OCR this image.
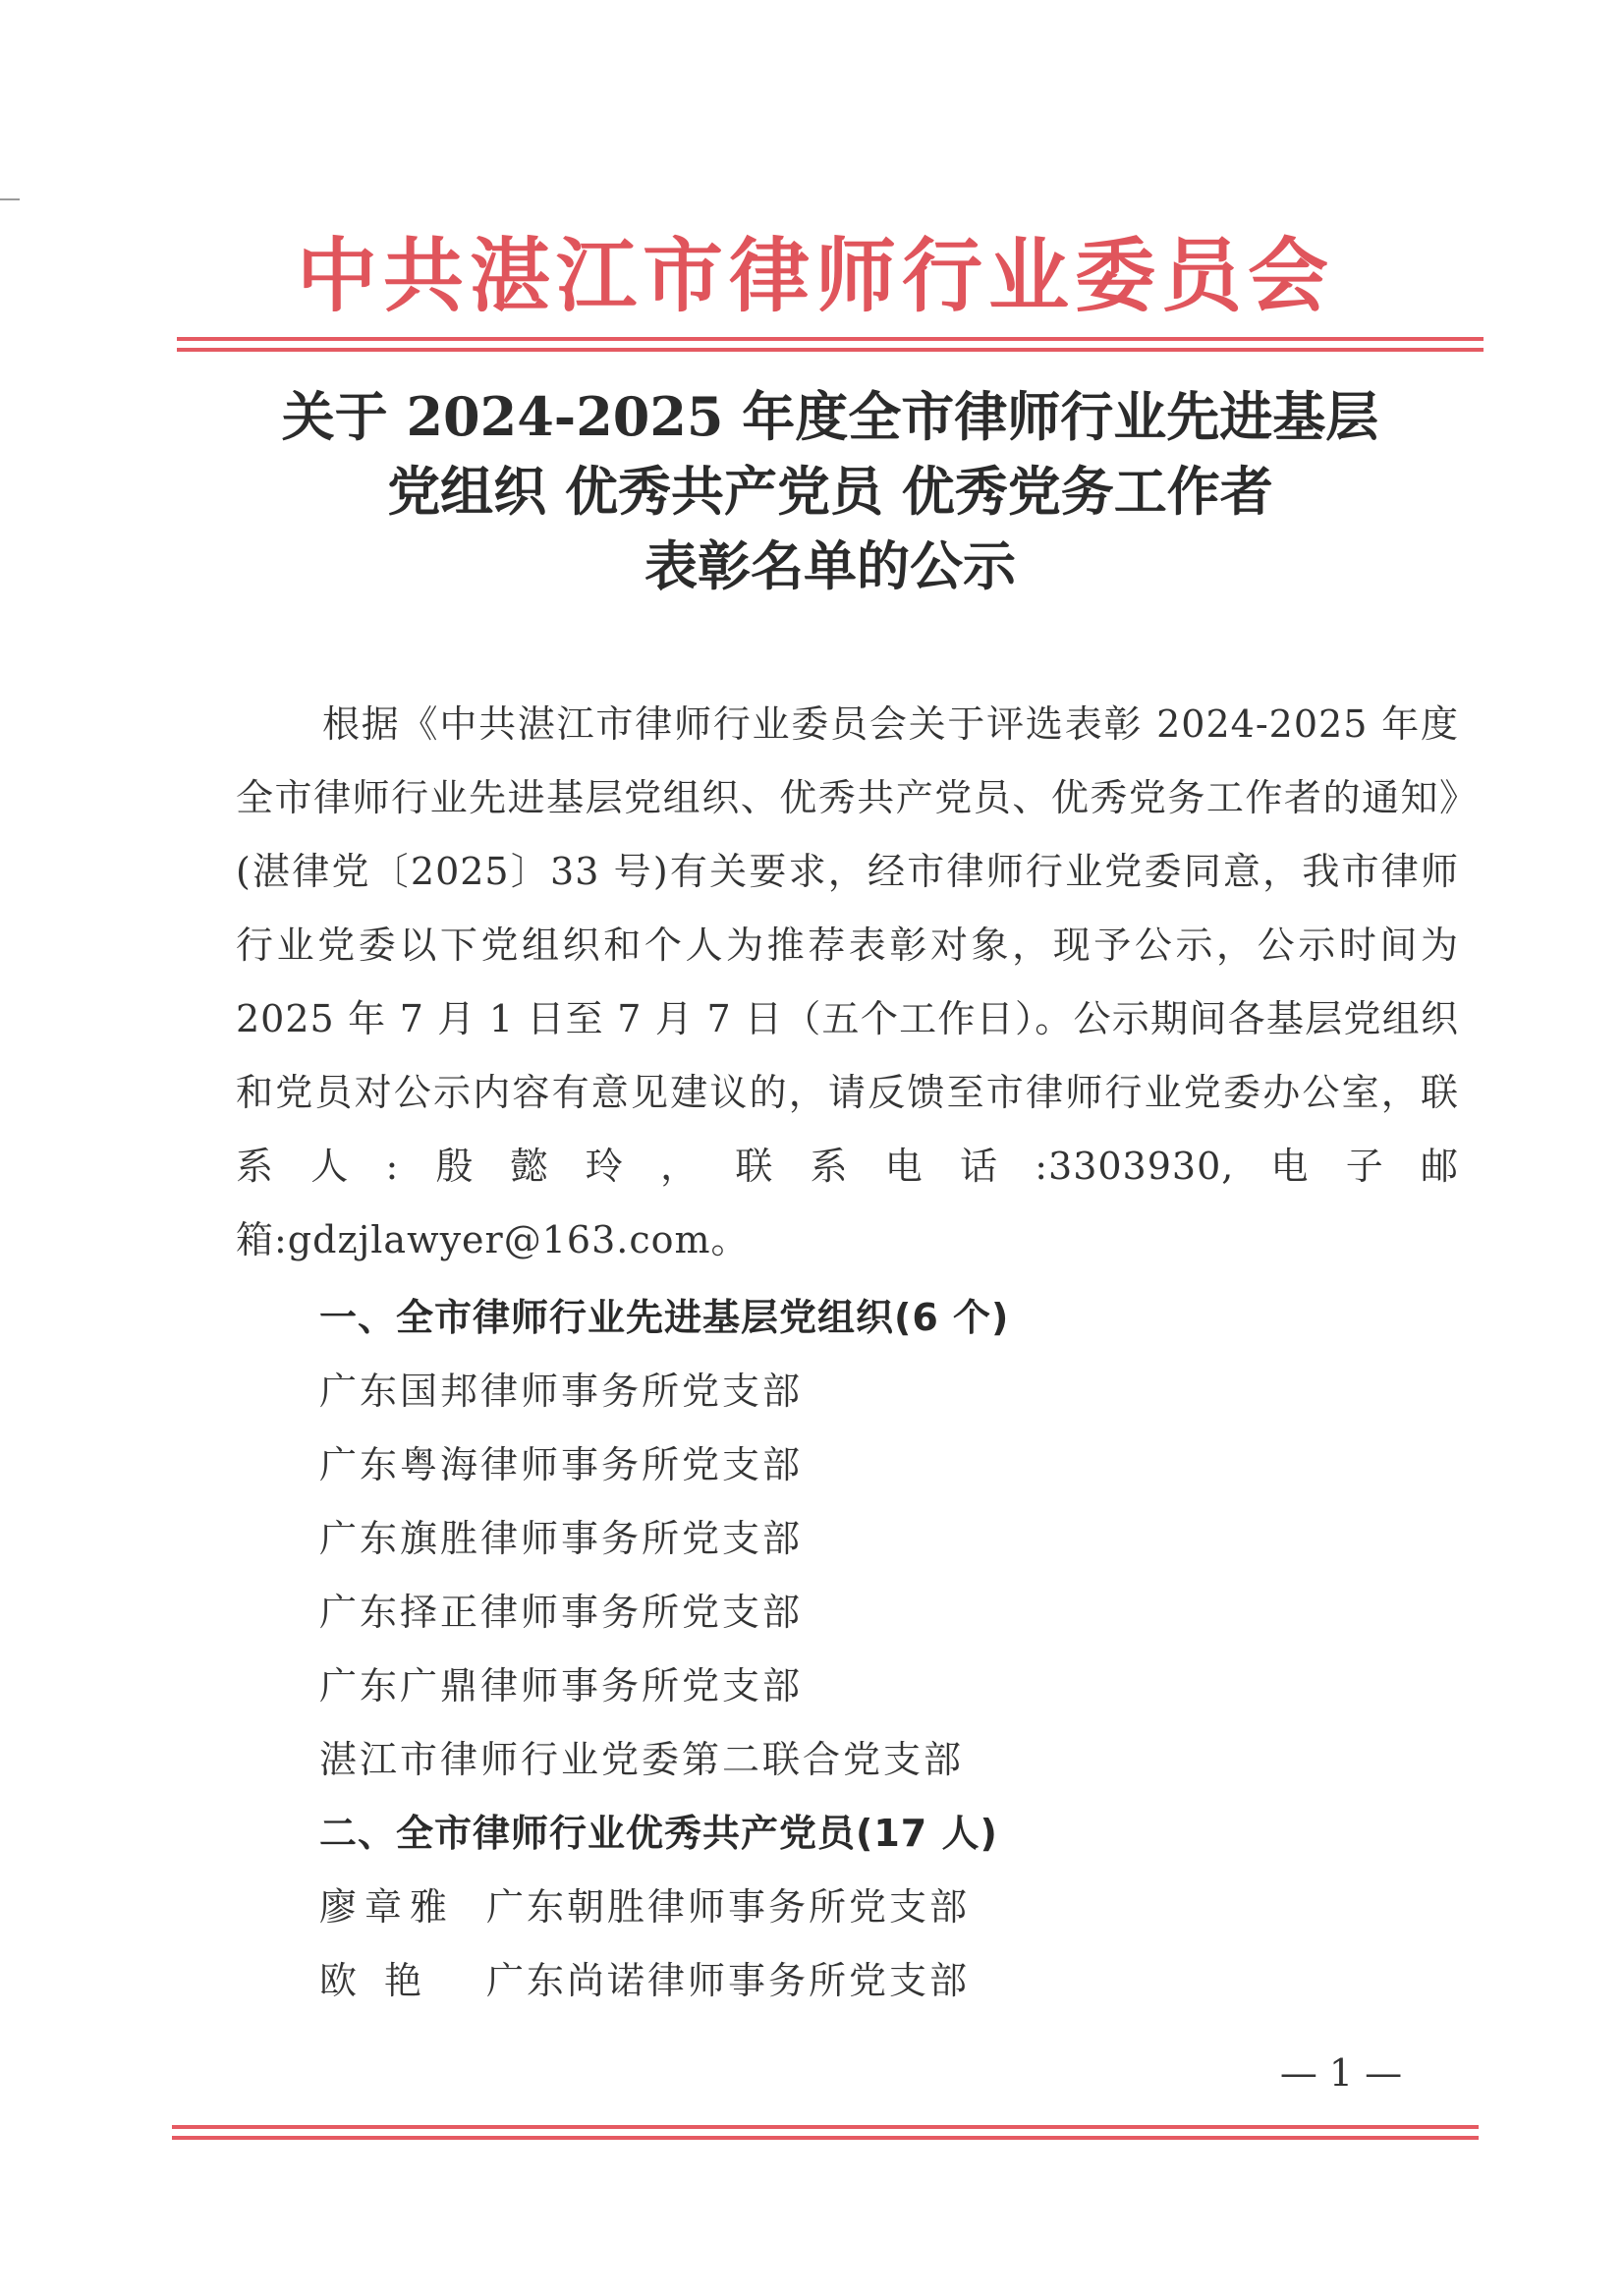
中共湛江市律师行业委员会
关于 2024-2025 年度全市律师行业先进基层
党组织 优秀共产党员 优秀党务工作者
表彰名单的公示

根据《中共湛江市律师行业委员会关于评选表彰 2024-2025 年度全市律师行业先进基层党组织、优秀共产党员、优秀党务工作者的通知》(湛律党〔2025〕33 号)有关要求，经市律师行业党委同意，我市律师行业党委以下党组织和个人为推荐表彰对象，现予公示，公示时间为 2025 年 7 月 1 日至 7 月 7 日（五个工作日）。公示期间各基层党组织和党员对公示内容有意见建议的，请反馈至市律师行业党委办公室，联系人:殷懿玲，联系电话:3303930,电子邮箱:gdzjlawyer@163.com。

一、全市律师行业先进基层党组织(6 个)
广东国邦律师事务所党支部
广东粤海律师事务所党支部
广东旗胜律师事务所党支部
广东择正律师事务所党支部
广东广鼎律师事务所党支部
湛江市律师行业党委第二联合党支部
二、全市律师行业优秀共产党员(17 人)
廖章雅 广东朝胜律师事务所党支部
欧 艳 广东尚诺律师事务所党支部
— 1 —
